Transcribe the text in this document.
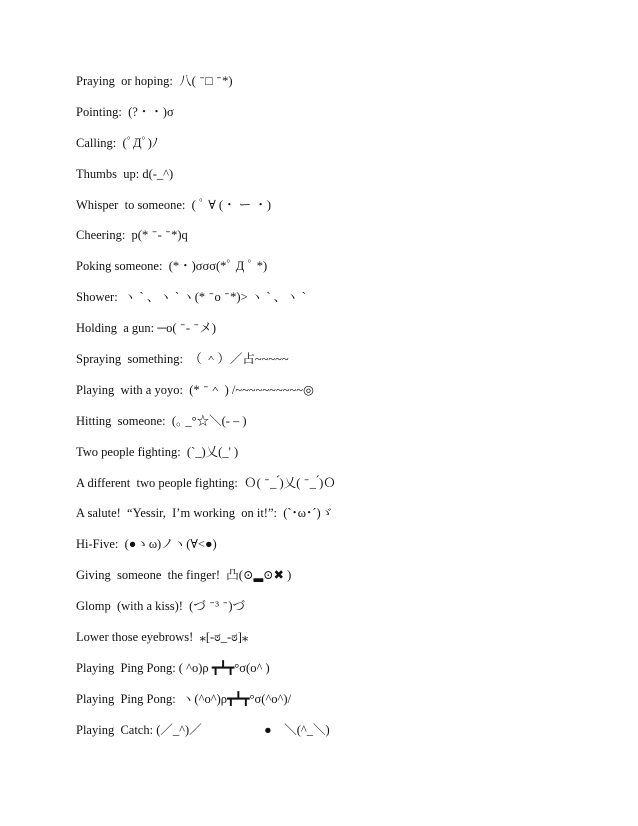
Praying  or hoping:  八(  ̄ □  ̄ *)
Pointing:  (?・・)σ
Calling:  (ﾟДﾟ)ﾉ
Thumbs  up: d(-_^)
Whisper  to someone:  ( ﾟ ∀ (・ ー ・)
Cheering:  p(*  ̄ -  ̄ *)q
Poking someone:  (*・)σσσ(*ﾟ Д ﾟ *)
Shower:  ヽ ` 、ヽ ` ヽ(*  ̄ o  ̄ *)> ヽ ` 、ヽ `
Holding  a gun: ─o(  ̄ -  ̄ メ)
Spraying  something:  （ ＾）／占~~~~~
Playing  with a yoyo:  (*  ̄ ＾ ) /~~~~~~~~~~◎
Hitting  someone:  (｡ _°☆＼(- – )
Two people fighting:  (`_)乂(_' )
A different  two people fighting:  Ｏ(  ̄ _ ́)乂(  ̄ _ ́)Ｏ
A salute!  “Yessir,  I’m working  on it!”:  (`･ω･´)ゞ
Hi-Five:  (●ゝω)ノヽ(∀<●)
Giving  someone  the finger!  凸(⊙▂⊙✖ )
Glomp  (with a kiss)!  (づ  ̄ ³  ̄ )づ
Lower those eyebrows!  ⁎[-ಠ_-ಠ]⁎
Playing  Ping Pong: ( ^o)ρ ┳┻┳°σ(o^ )
Playing  Ping Pong:  ヽ(^o^)ρ┳┻┳°σ(^o^)/
Playing  Catch: (／_^)／                    ●    ＼(^_＼)
